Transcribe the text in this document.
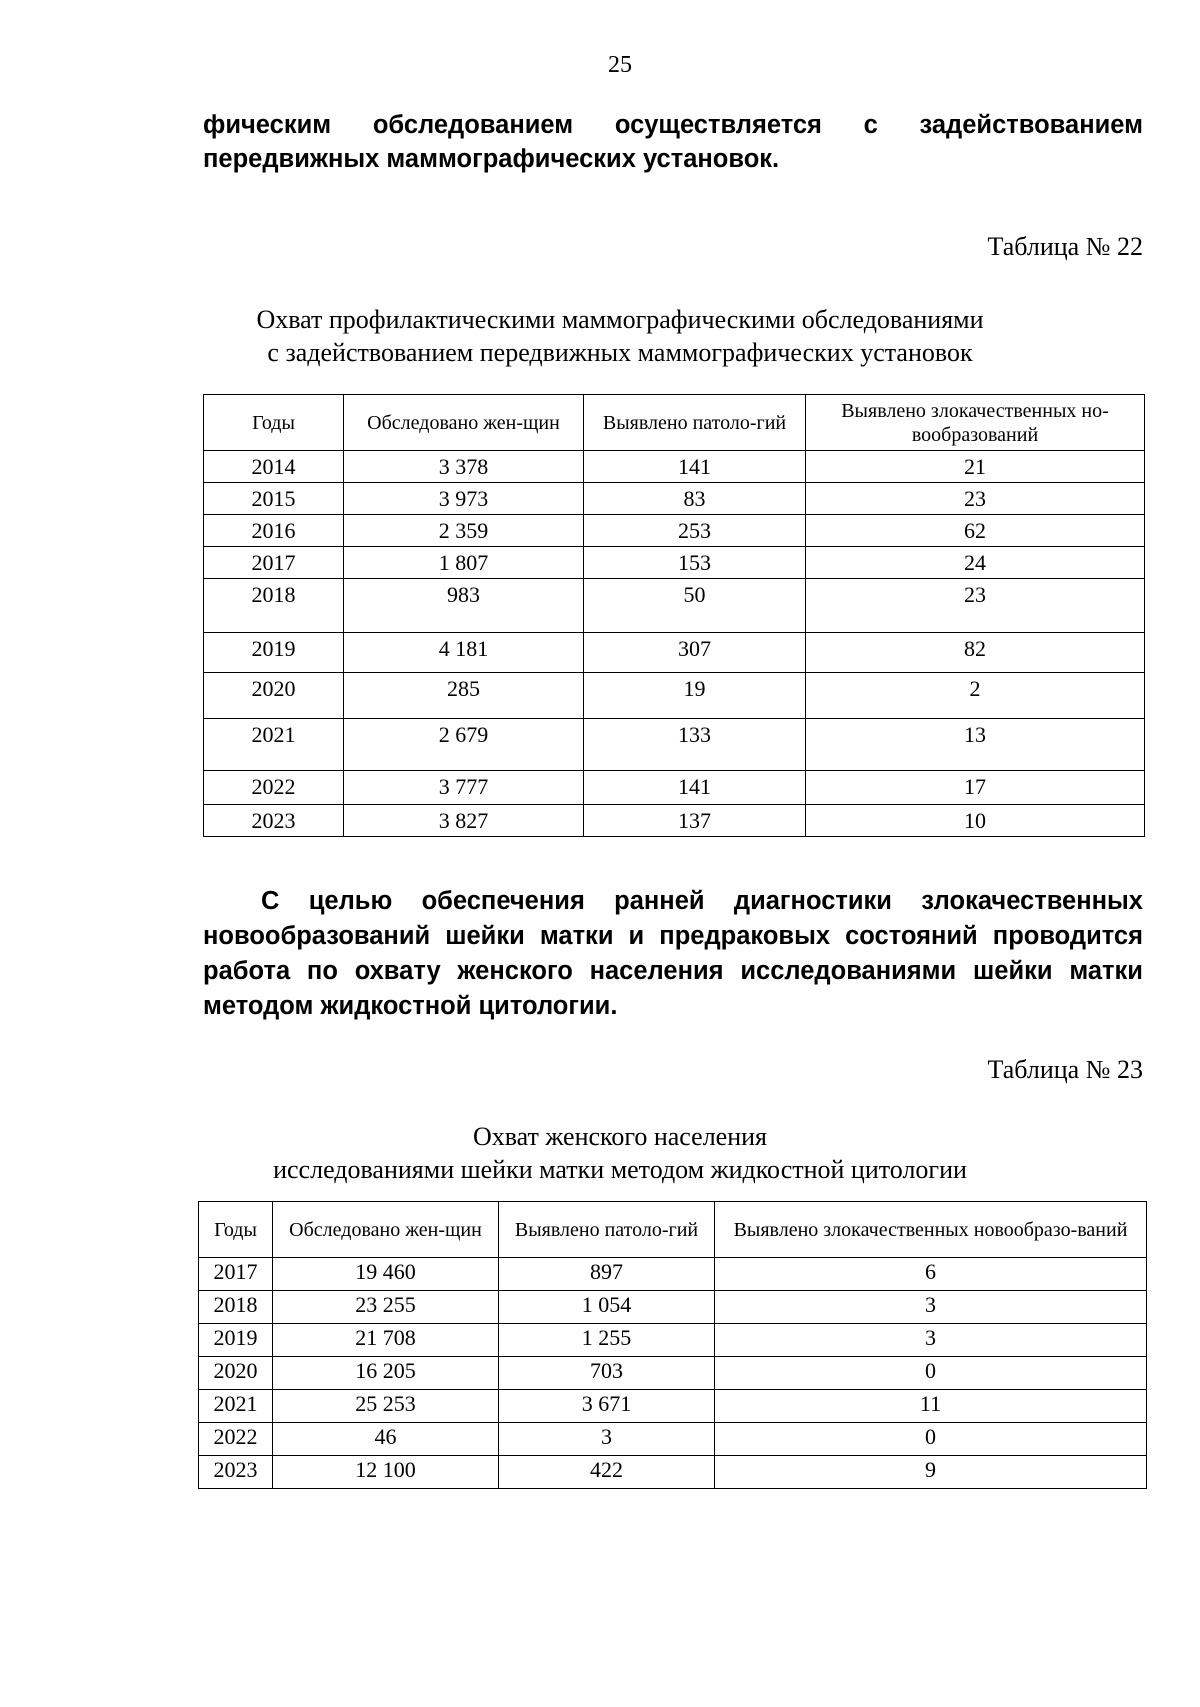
25
фическим обследованием осуществляется с задействованием передвижных маммографических установок.
Таблица № 22
Охват профилактическими маммографическими обследованиями
с задействованием передвижных маммографических установок
Годы	Обследовано жен-щин	Выявлено патоло-гий	Выявлено злокачественных но-вообразований
2014	3 378	141	21
2015	3 973	83	23
2016	2 359	253	62
2017	1 807	153	24
2018	983	50	23
2019	4 181	307	82
2020	285	19	2
2021	2 679	133	13
2022	3 777	141	17
2023	3 827	137	10
С целью обеспечения ранней диагностики злокачественных новообразований шейки матки и предраковых состояний проводится работа по охвату женского населения исследованиями шейки матки методом жидкостной цитологии.
Таблица № 23
Охват женского населения
исследованиями шейки матки методом жидкостной цитологии
Годы	Обследовано жен-щин	Выявлено патоло-гий	Выявлено злокачественных новообразо-ваний
2017	19 460	897	6
2018	23 255	1 054	3
2019	21 708	1 255	3
2020	16 205	703	0
2021	25 253	3 671	11
2022	46	3	0
2023	12 100	422	9
